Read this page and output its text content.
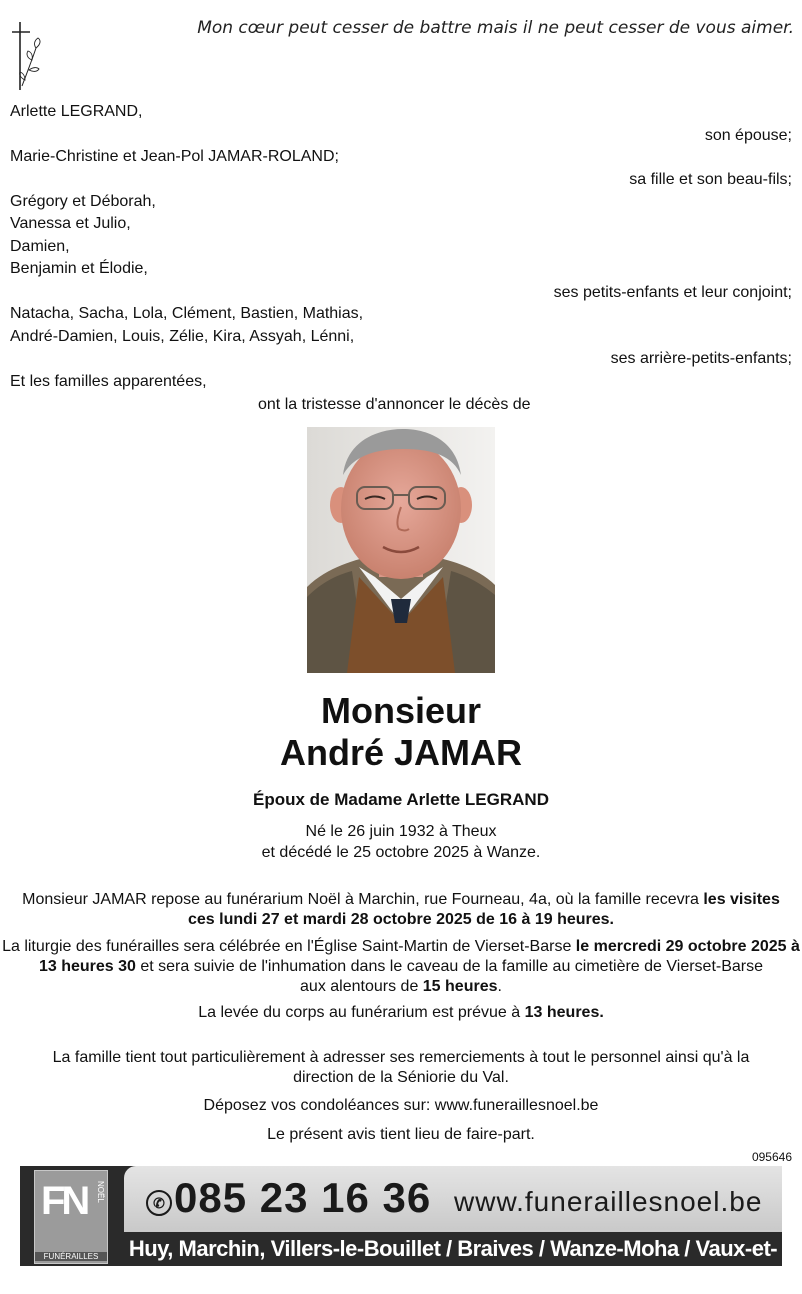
Mon cœur peut cesser de battre mais il ne peut cesser de vous aimer.
Arlette LEGRAND,
son épouse;
Marie-Christine et Jean-Pol JAMAR-ROLAND;
sa fille et son beau-fils;
Grégory et Déborah,
Vanessa et Julio,
Damien,
Benjamin et Élodie,
ses petits-enfants et leur conjoint;
Natacha, Sacha, Lola, Clément, Bastien, Mathias,
André-Damien, Louis, Zélie, Kira, Assyah, Lénni,
ses arrière-petits-enfants;
Et les familles apparentées,
ont la tristesse d'annoncer le décès de
Monsieur
André JAMAR
Époux de Madame Arlette LEGRAND
Né le 26 juin 1932 à Theux
et décédé le 25 octobre 2025 à Wanze.
Monsieur JAMAR repose au funérarium Noël à Marchin, rue Fourneau, 4a, où la famille recevra les visites
ces lundi 27 et mardi 28 octobre 2025 de 16 à 19 heures.
La liturgie des funérailles sera célébrée en l'Église Saint-Martin de Vierset-Barse le mercredi 29 octobre 2025 à
13 heures 30 et sera suivie de l'inhumation dans le caveau de la famille au cimetière de Vierset-Barse
aux alentours de 15 heures.
La levée du corps au funérarium est prévue à 13 heures.
La famille tient tout particulièrement à adresser ses remerciements à tout le personnel ainsi qu'à la
direction de la Séniorie du Val.
Déposez vos condoléances sur: www.funeraillesnoel.be
Le présent avis tient lieu de faire-part.
095646
FN NOËL
FUNÉRAILLES
✆ 085 23 16 36 www.funeraillesnoel.be
Huy, Marchin, Villers-le-Bouillet / Braives / Wanze-Moha / Vaux-et-Borset
